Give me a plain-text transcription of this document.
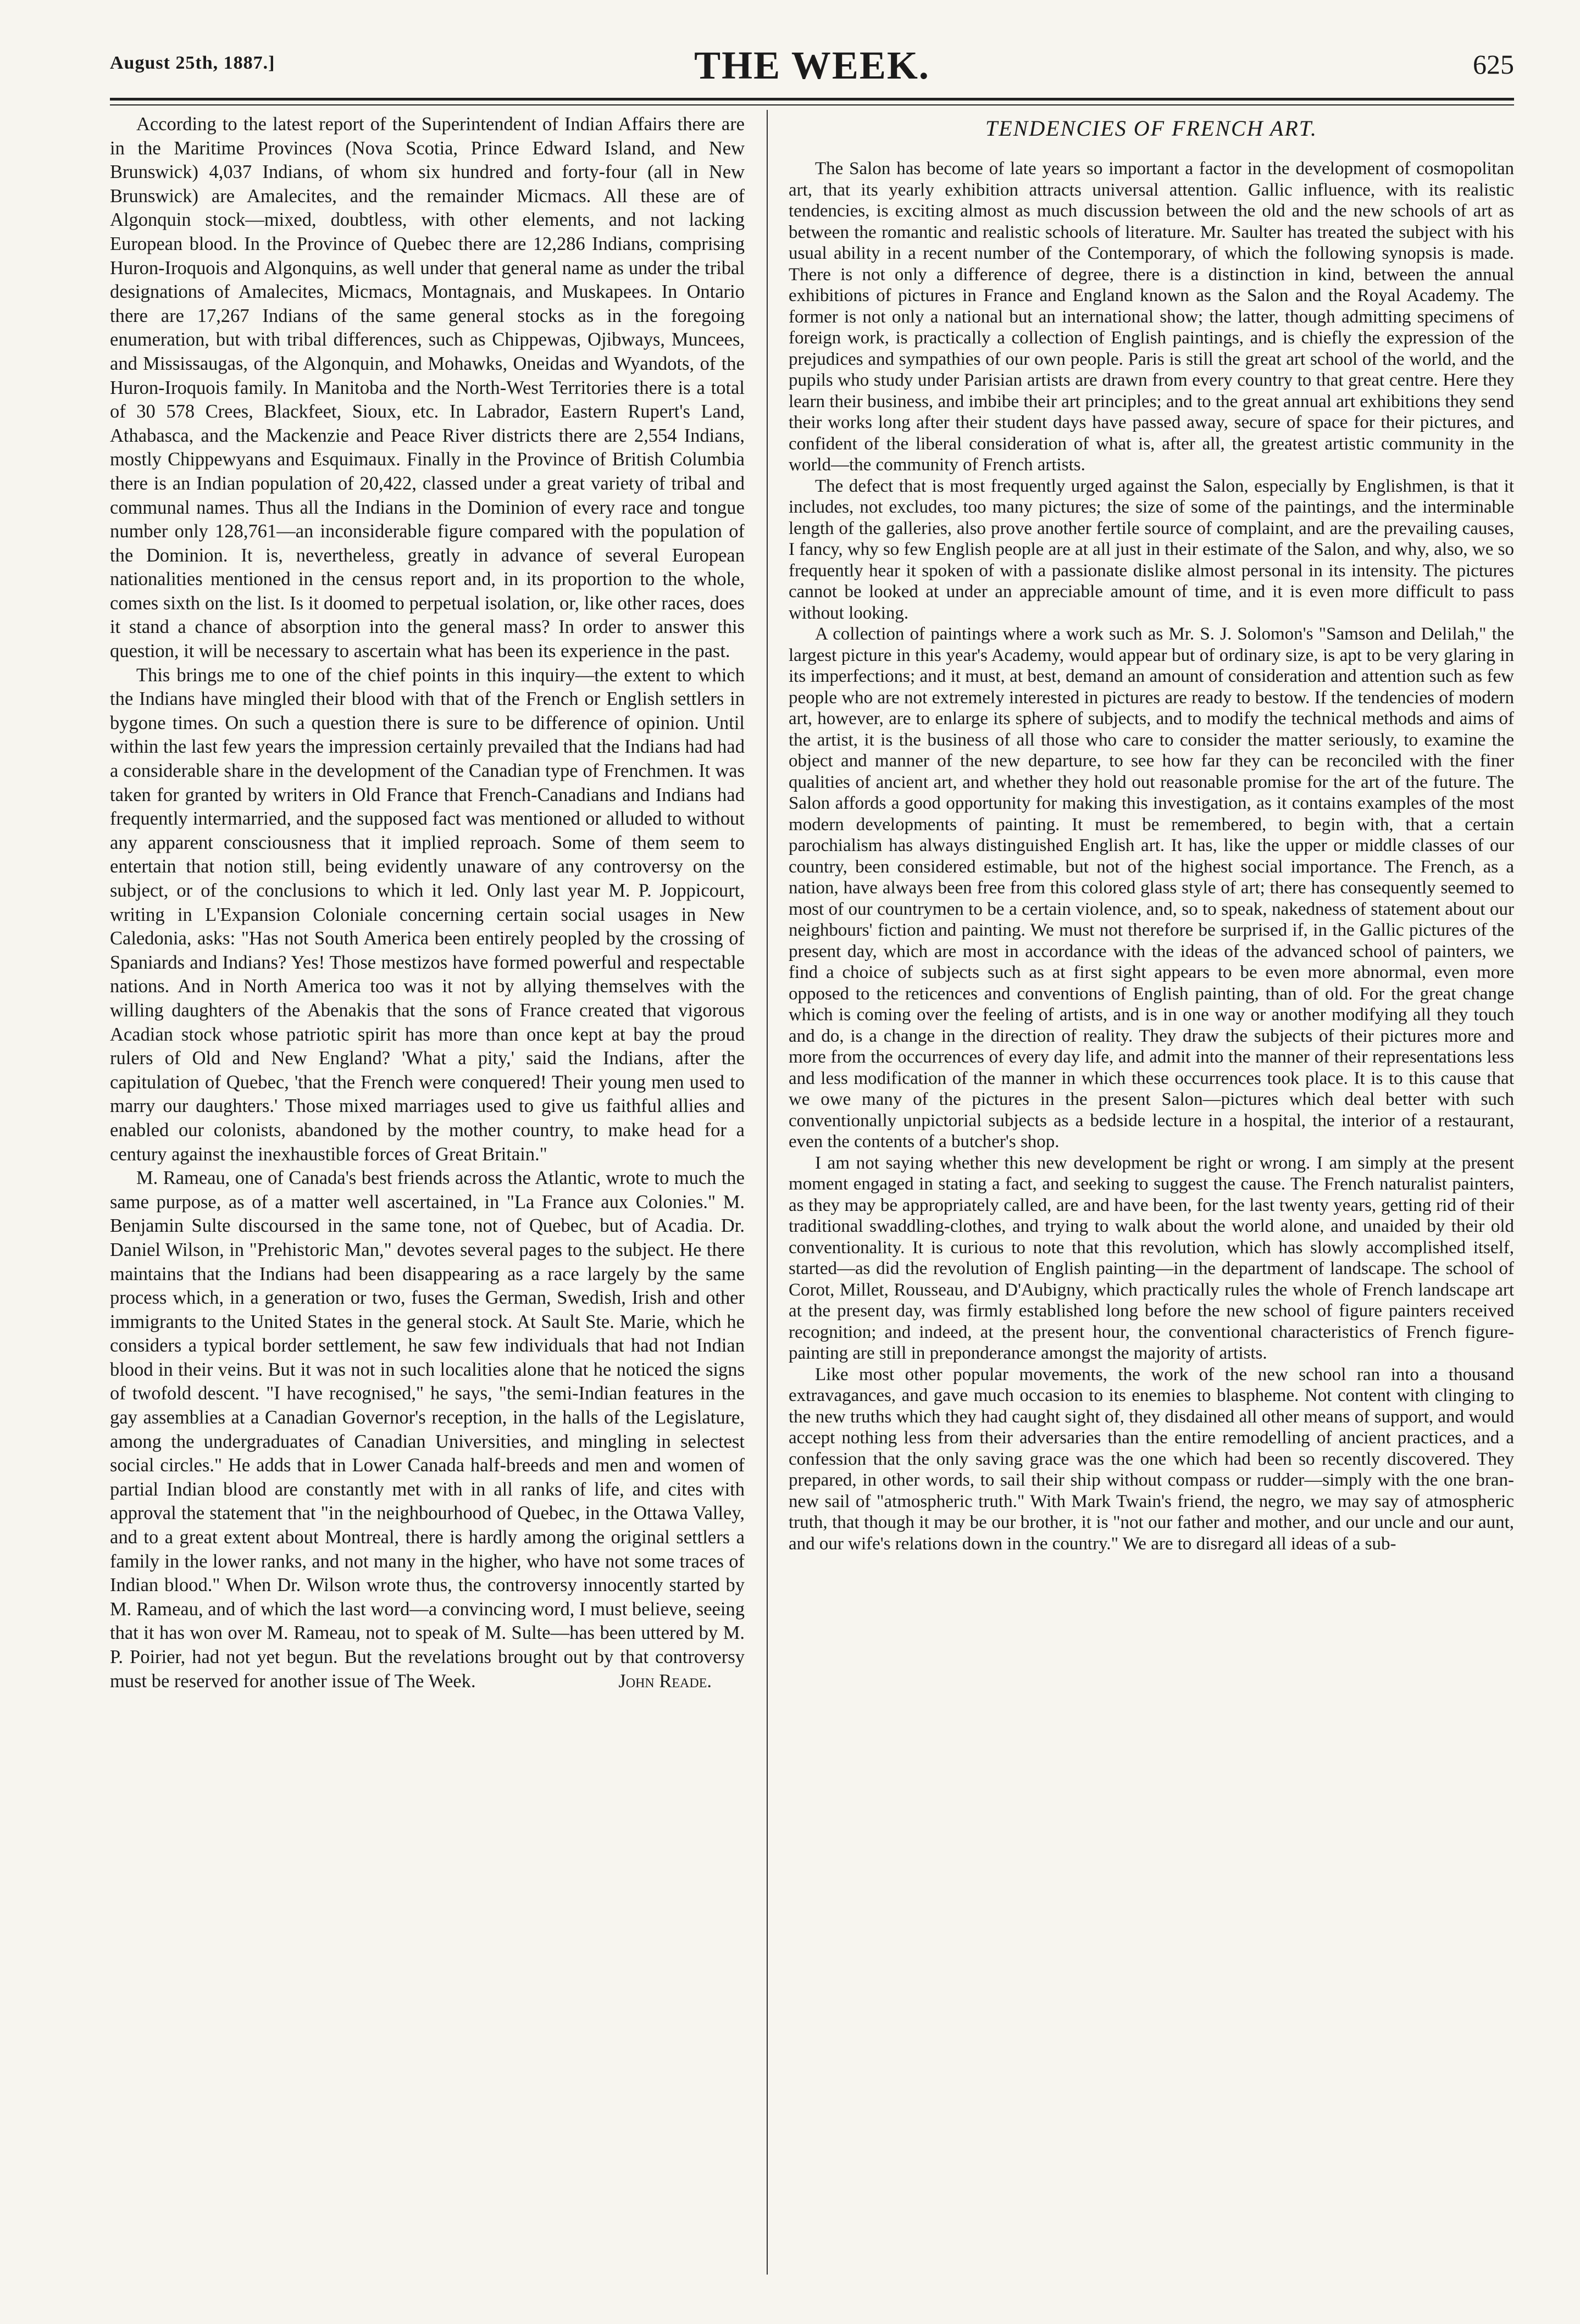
August 25th, 1887.]	THE WEEK.	625

According to the latest report of the Superintendent of Indian Affairs there are in the Maritime Provinces (Nova Scotia, Prince Edward Island, and New Brunswick) 4,037 Indians, of whom six hundred and forty-four (all in New Brunswick) are Amalecites, and the remainder Micmacs. All these are of Algonquin stock—mixed, doubtless, with other elements, and not lacking European blood. In the Province of Quebec there are 12,286 Indians, comprising Huron-Iroquois and Algonquins, as well under that general name as under the tribal designations of Amalecites, Micmacs, Montagnais, and Muskapees. In Ontario there are 17,267 Indians of the same general stocks as in the foregoing enumeration, but with tribal differences, such as Chippewas, Ojibways, Muncees, and Mississaugas, of the Algonquin, and Mohawks, Oneidas and Wyandots, of the Huron-Iroquois family. In Manitoba and the North-West Territories there is a total of 30 578 Crees, Blackfeet, Sioux, etc. In Labrador, Eastern Rupert's Land, Athabasca, and the Mackenzie and Peace River districts there are 2,554 Indians, mostly Chippewyans and Esquimaux. Finally in the Province of British Columbia there is an Indian population of 20,422, classed under a great variety of tribal and communal names. Thus all the Indians in the Dominion of every race and tongue number only 128,761—an inconsiderable figure compared with the population of the Dominion. It is, nevertheless, greatly in advance of several European nationalities mentioned in the census report and, in its proportion to the whole, comes sixth on the list. Is it doomed to perpetual isolation, or, like other races, does it stand a chance of absorption into the general mass? In order to answer this question, it will be necessary to ascertain what has been its experience in the past.

This brings me to one of the chief points in this inquiry—the extent to which the Indians have mingled their blood with that of the French or English settlers in bygone times. On such a question there is sure to be difference of opinion. Until within the last few years the impression certainly prevailed that the Indians had had a considerable share in the development of the Canadian type of Frenchmen. It was taken for granted by writers in Old France that French-Canadians and Indians had frequently intermarried, and the supposed fact was mentioned or alluded to without any apparent consciousness that it implied reproach. Some of them seem to entertain that notion still, being evidently unaware of any controversy on the subject, or of the conclusions to which it led. Only last year M. P. Joppicourt, writing in L'Expansion Coloniale concerning certain social usages in New Caledonia, asks: "Has not South America been entirely peopled by the crossing of Spaniards and Indians? Yes! Those mestizos have formed powerful and respectable nations. And in North America too was it not by allying themselves with the willing daughters of the Abenakis that the sons of France created that vigorous Acadian stock whose patriotic spirit has more than once kept at bay the proud rulers of Old and New England? 'What a pity,' said the Indians, after the capitulation of Quebec, 'that the French were conquered! Their young men used to marry our daughters.' Those mixed marriages used to give us faithful allies and enabled our colonists, abandoned by the mother country, to make head for a century against the inexhaustible forces of Great Britain."

M. Rameau, one of Canada's best friends across the Atlantic, wrote to much the same purpose, as of a matter well ascertained, in "La France aux Colonies." M. Benjamin Sulte discoursed in the same tone, not of Quebec, but of Acadia. Dr. Daniel Wilson, in "Prehistoric Man," devotes several pages to the subject. He there maintains that the Indians had been disappearing as a race largely by the same process which, in a generation or two, fuses the German, Swedish, Irish and other immigrants to the United States in the general stock. At Sault Ste. Marie, which he considers a typical border settlement, he saw few individuals that had not Indian blood in their veins. But it was not in such localities alone that he noticed the signs of twofold descent. "I have recognised," he says, "the semi-Indian features in the gay assemblies at a Canadian Governor's reception, in the halls of the Legislature, among the undergraduates of Canadian Universities, and mingling in selectest social circles." He adds that in Lower Canada half-breeds and men and women of partial Indian blood are constantly met with in all ranks of life, and cites with approval the statement that "in the neighbourhood of Quebec, in the Ottawa Valley, and to a great extent about Montreal, there is hardly among the original settlers a family in the lower ranks, and not many in the higher, who have not some traces of Indian blood." When Dr. Wilson wrote thus, the controversy innocently started by M. Rameau, and of which the last word—a convincing word, I must believe, seeing that it has won over M. Rameau, not to speak of M. Sulte—has been uttered by M. P. Poirier, had not yet begun. But the revelations brought out by that controversy must be reserved for another issue of The Week.	John Reade.

TENDENCIES OF FRENCH ART.

The Salon has become of late years so important a factor in the development of cosmopolitan art, that its yearly exhibition attracts universal attention. Gallic influence, with its realistic tendencies, is exciting almost as much discussion between the old and the new schools of art as between the romantic and realistic schools of literature. Mr. Saulter has treated the subject with his usual ability in a recent number of the Contemporary, of which the following synopsis is made. There is not only a difference of degree, there is a distinction in kind, between the annual exhibitions of pictures in France and England known as the Salon and the Royal Academy. The former is not only a national but an international show; the latter, though admitting specimens of foreign work, is practically a collection of English paintings, and is chiefly the expression of the prejudices and sympathies of our own people. Paris is still the great art school of the world, and the pupils who study under Parisian artists are drawn from every country to that great centre. Here they learn their business, and imbibe their art principles; and to the great annual art exhibitions they send their works long after their student days have passed away, secure of space for their pictures, and confident of the liberal consideration of what is, after all, the greatest artistic community in the world—the community of French artists.

The defect that is most frequently urged against the Salon, especially by Englishmen, is that it includes, not excludes, too many pictures; the size of some of the paintings, and the interminable length of the galleries, also prove another fertile source of complaint, and are the prevailing causes, I fancy, why so few English people are at all just in their estimate of the Salon, and why, also, we so frequently hear it spoken of with a passionate dislike almost personal in its intensity. The pictures cannot be looked at under an appreciable amount of time, and it is even more difficult to pass without looking.

A collection of paintings where a work such as Mr. S. J. Solomon's "Samson and Delilah," the largest picture in this year's Academy, would appear but of ordinary size, is apt to be very glaring in its imperfections; and it must, at best, demand an amount of consideration and attention such as few people who are not extremely interested in pictures are ready to bestow. If the tendencies of modern art, however, are to enlarge its sphere of subjects, and to modify the technical methods and aims of the artist, it is the business of all those who care to consider the matter seriously, to examine the object and manner of the new departure, to see how far they can be reconciled with the finer qualities of ancient art, and whether they hold out reasonable promise for the art of the future. The Salon affords a good opportunity for making this investigation, as it contains examples of the most modern developments of painting. It must be remembered, to begin with, that a certain parochialism has always distinguished English art. It has, like the upper or middle classes of our country, been considered estimable, but not of the highest social importance. The French, as a nation, have always been free from this colored glass style of art; there has consequently seemed to most of our countrymen to be a certain violence, and, so to speak, nakedness of statement about our neighbours' fiction and painting. We must not therefore be surprised if, in the Gallic pictures of the present day, which are most in accordance with the ideas of the advanced school of painters, we find a choice of subjects such as at first sight appears to be even more abnormal, even more opposed to the reticences and conventions of English painting, than of old. For the great change which is coming over the feeling of artists, and is in one way or another modifying all they touch and do, is a change in the direction of reality. They draw the subjects of their pictures more and more from the occurrences of every day life, and admit into the manner of their representations less and less modification of the manner in which these occurrences took place. It is to this cause that we owe many of the pictures in the present Salon—pictures which deal better with such conventionally unpictorial subjects as a bedside lecture in a hospital, the interior of a restaurant, even the contents of a butcher's shop.

I am not saying whether this new development be right or wrong. I am simply at the present moment engaged in stating a fact, and seeking to suggest the cause. The French naturalist painters, as they may be appropriately called, are and have been, for the last twenty years, getting rid of their traditional swaddling-clothes, and trying to walk about the world alone, and unaided by their old conventionality. It is curious to note that this revolution, which has slowly accomplished itself, started—as did the revolution of English painting—in the department of landscape. The school of Corot, Millet, Rousseau, and D'Aubigny, which practically rules the whole of French landscape art at the present day, was firmly established long before the new school of figure painters received recognition; and indeed, at the present hour, the conventional characteristics of French figure-painting are still in preponderance amongst the majority of artists.

Like most other popular movements, the work of the new school ran into a thousand extravagances, and gave much occasion to its enemies to blaspheme. Not content with clinging to the new truths which they had caught sight of, they disdained all other means of support, and would accept nothing less from their adversaries than the entire remodelling of ancient practices, and a confession that the only saving grace was the one which had been so recently discovered. They prepared, in other words, to sail their ship without compass or rudder—simply with the one bran-new sail of "atmospheric truth." With Mark Twain's friend, the negro, we may say of atmospheric truth, that though it may be our brother, it is "not our father and mother, and our uncle and our aunt, and our wife's relations down in the country." We are to disregard all ideas of a sub-
